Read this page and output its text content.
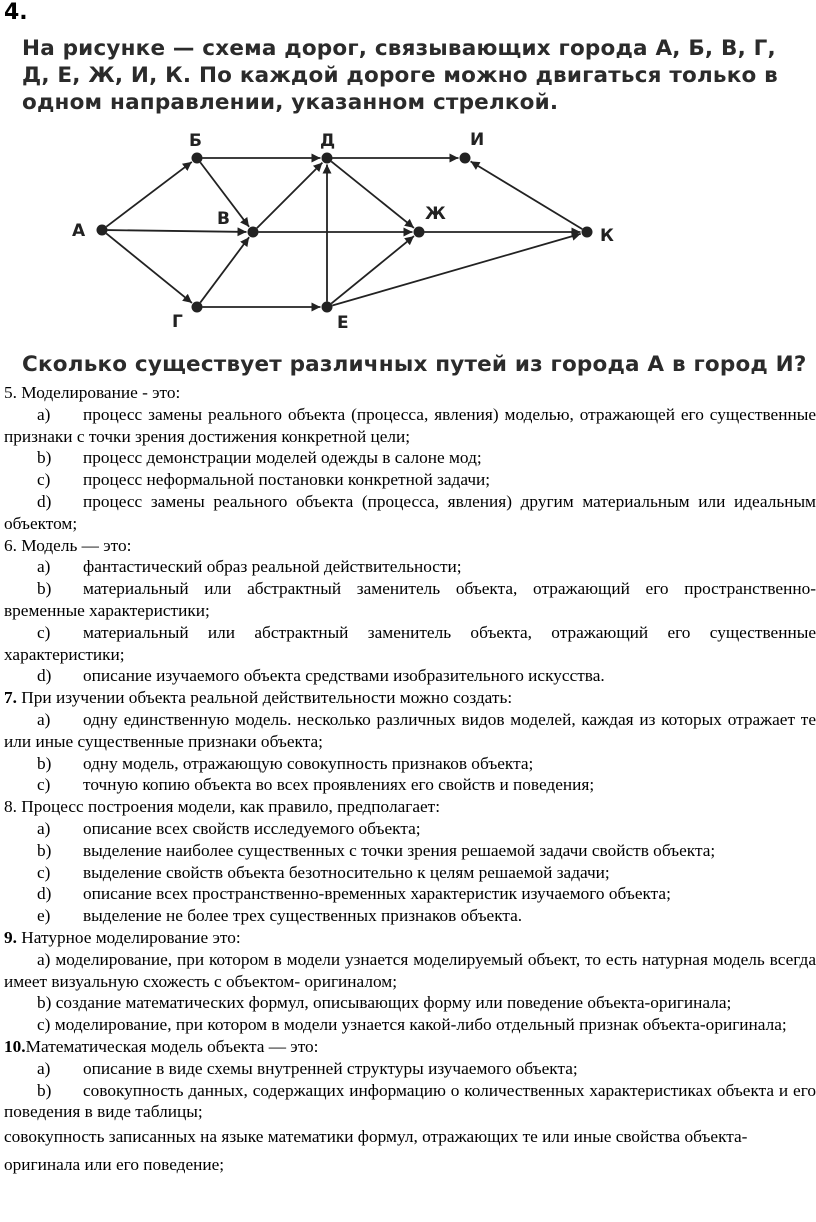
4.
На рисунке — схема дорог, связывающих города А, Б, В, Г,
Д, Е, Ж, И, К. По каждой дороге можно двигаться только в
одном направлении, указанном стрелкой.
А
Б
В
Г
Д
Е
Ж
И
К
Сколько существует различных путей из города А в город И?

5. Моделирование - это:

a) процесс замены реального объекта (процесса, явления) моделью, отражающей его существенные признаки с точки зрения достижения конкретной цели;

b) процесс демонстрации моделей одежды в салоне мод;

c) процесс неформальной постановки конкретной задачи;

d) процесс замены реального объекта (процесса, явления) другим материальным или идеальным объектом;

6. Модель — это:

a) фантастический образ реальной действительности;

b) материальный или абстрактный заменитель объекта, отражающий его пространственно-временные характеристики;

c) материальный или абстрактный заменитель объекта, отражающий его существенные характеристики;

d) описание изучаемого объекта средствами изобразительного искусства.

7. При изучении объекта реальной действительности можно создать:

a) одну единственную модель. несколько различных видов моделей, каждая из которых отражает те или иные существенные признаки объекта;

b) одну модель, отражающую совокупность признаков объекта;

c) точную копию объекта во всех проявлениях его свойств и поведения;

8. Процесс построения модели, как правило, предполагает:

a) описание всех свойств исследуемого объекта;

b) выделение наиболее существенных с точки зрения решаемой задачи свойств объекта;

c) выделение свойств объекта безотносительно к целям решаемой задачи;

d) описание всех пространственно-временных характеристик изучаемого объекта;

e) выделение не более трех существенных признаков объекта.

9. Натурное моделирование это:

a) моделирование, при котором в модели узнается моделируемый объект, то есть натурная модель всегда имеет визуальную схожесть с объектом- оригиналом;

b) создание математических формул, описывающих форму или поведение объекта-оригинала;

c) моделирование, при котором в модели узнается какой-либо отдельный признак объекта-оригинала;

10.Математическая модель объекта — это:

a) описание в виде схемы внутренней структуры изучаемого объекта;

b) совокупность данных, содержащих информацию о количественных характеристиках объекта и его поведения в виде таблицы;

совокупность записанных на языке математики формул, отражающих те или иные свойства объекта-оригинала или его поведение;
